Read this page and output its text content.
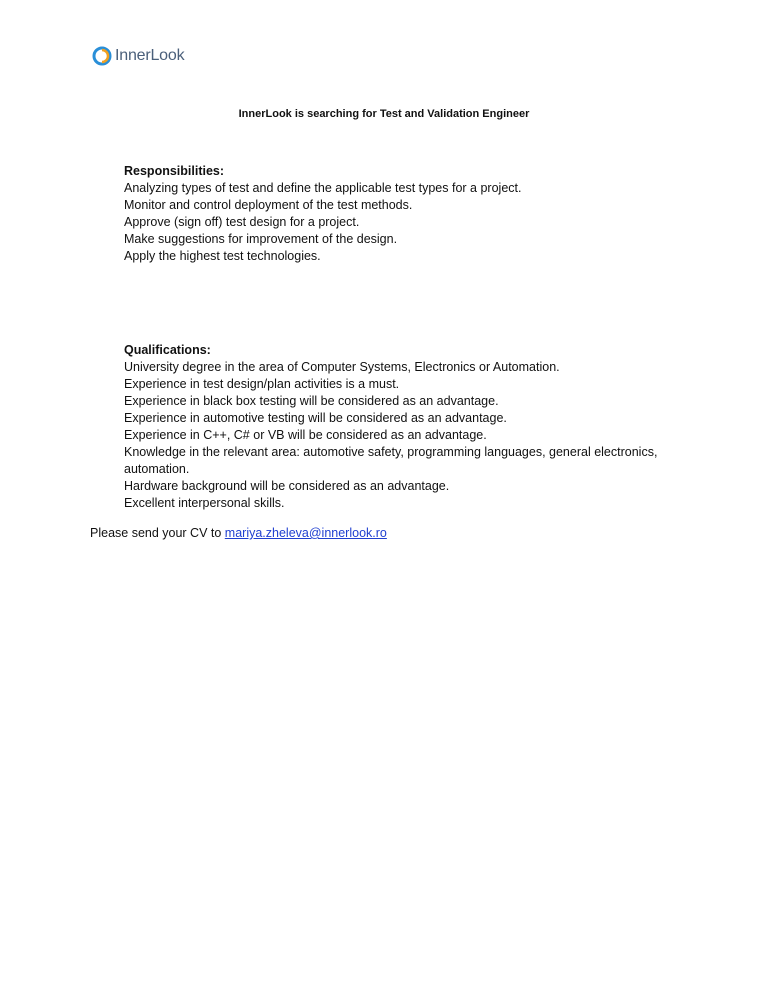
InnerLook
InnerLook is searching for Test and Validation Engineer
Responsibilities:
Analyzing types of test and define the applicable test types for a project.
Monitor and control deployment of the test methods.
Approve (sign off) test design for a project.
Make suggestions for improvement of the design.
Apply the highest test technologies.
Qualifications:
University degree in the area of Computer Systems, Electronics or Automation.
Experience in test design/plan activities is a must.
Experience in black box testing will be considered as an advantage.
Experience in automotive testing will be considered as an advantage.
Experience in C++, C# or VB will be considered as an advantage.
Knowledge in the relevant area: automotive safety, programming languages, general electronics, automation.
Hardware background will be considered as an advantage.
Excellent interpersonal skills.
Please send your CV to mariya.zheleva@innerlook.ro
